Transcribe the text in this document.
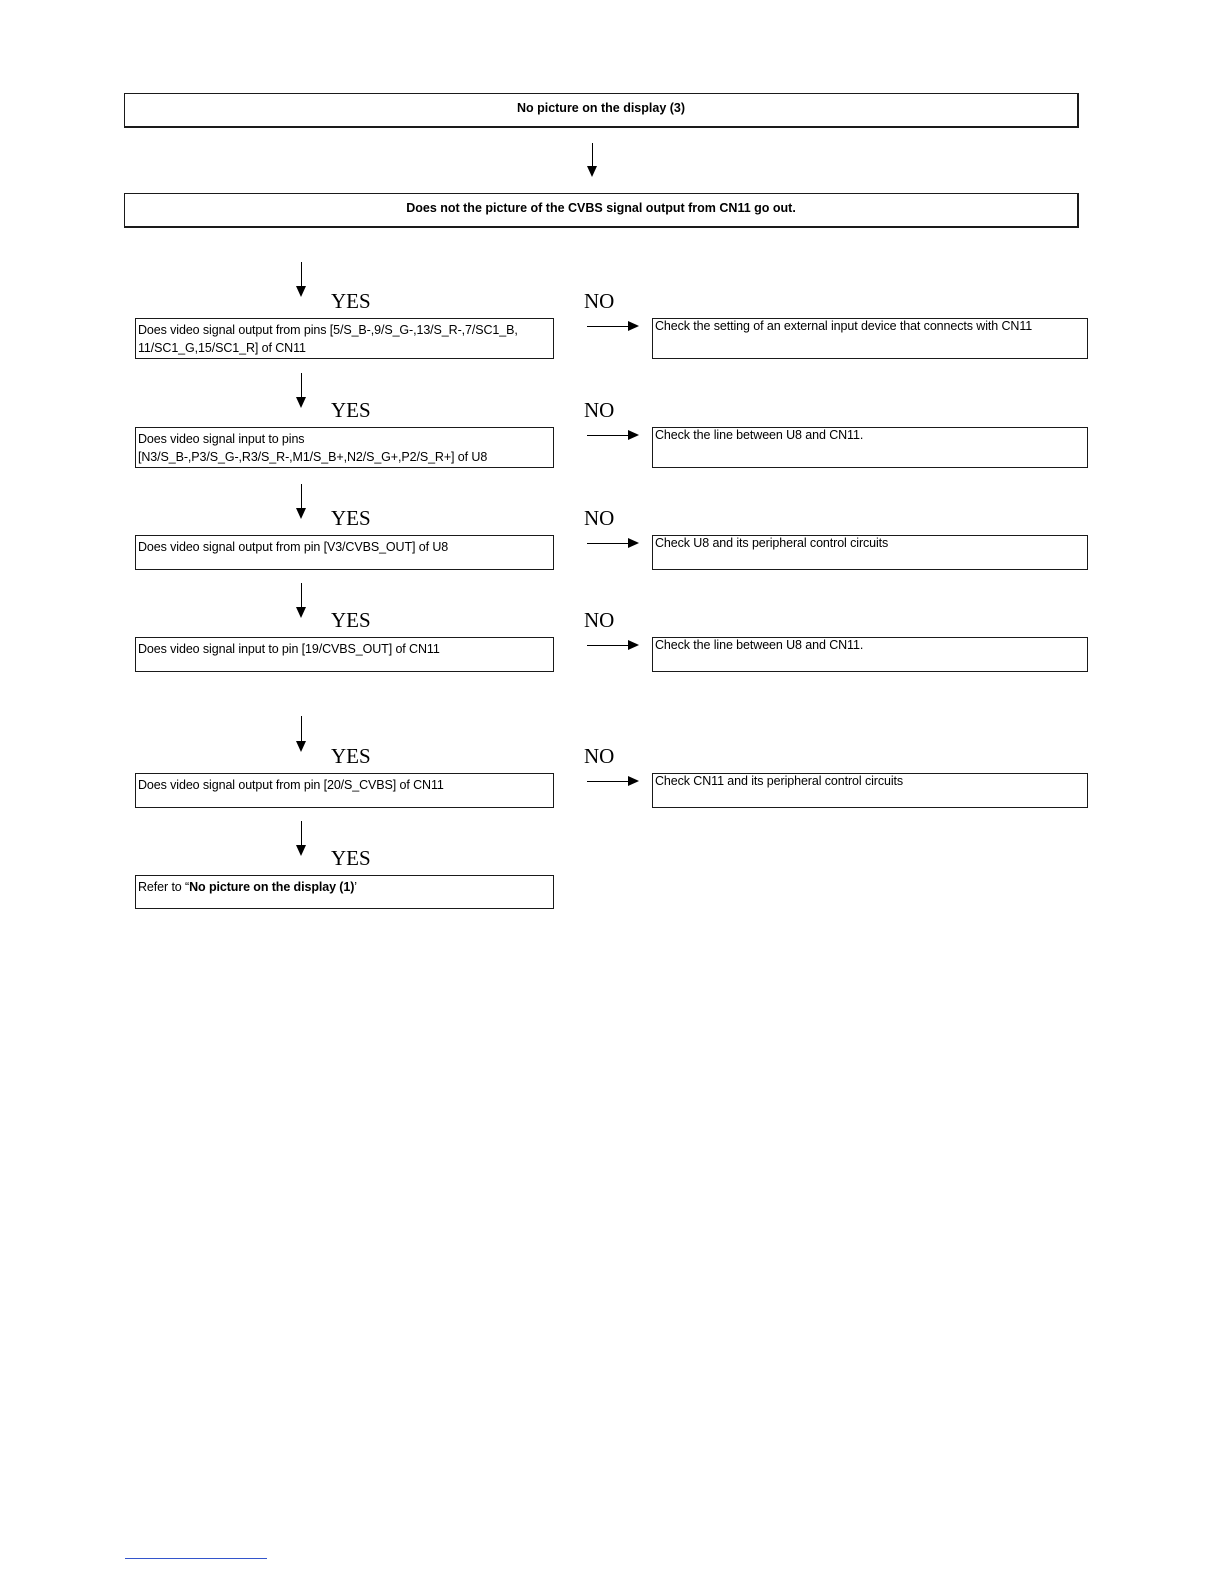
No picture on the display (3)
Does not the picture of the CVBS signal output from CN11 go out.
YES	NO
Does video signal output from pins [5/S_B-,9/S_G-,13/S_R-,7/SC1_B,
11/SC1_G,15/SC1_R] of CN11
Check the setting of an external input device that connects with CN11
YES	NO
Does video signal input to pins
[N3/S_B-,P3/S_G-,R3/S_R-,M1/S_B+,N2/S_G+,P2/S_R+] of U8
Check the line between U8 and CN11.
YES	NO
Does video signal output from pin [V3/CVBS_OUT] of U8	Check U8 and its peripheral control circuits
YES	NO
Does video signal input to pin [19/CVBS_OUT] of CN11	Check the line between U8 and CN11.
YES	NO
Does video signal output from pin [20/S_CVBS] of CN11	Check CN11 and its peripheral control circuits
YES
Refer to “No picture on the display (1)’
